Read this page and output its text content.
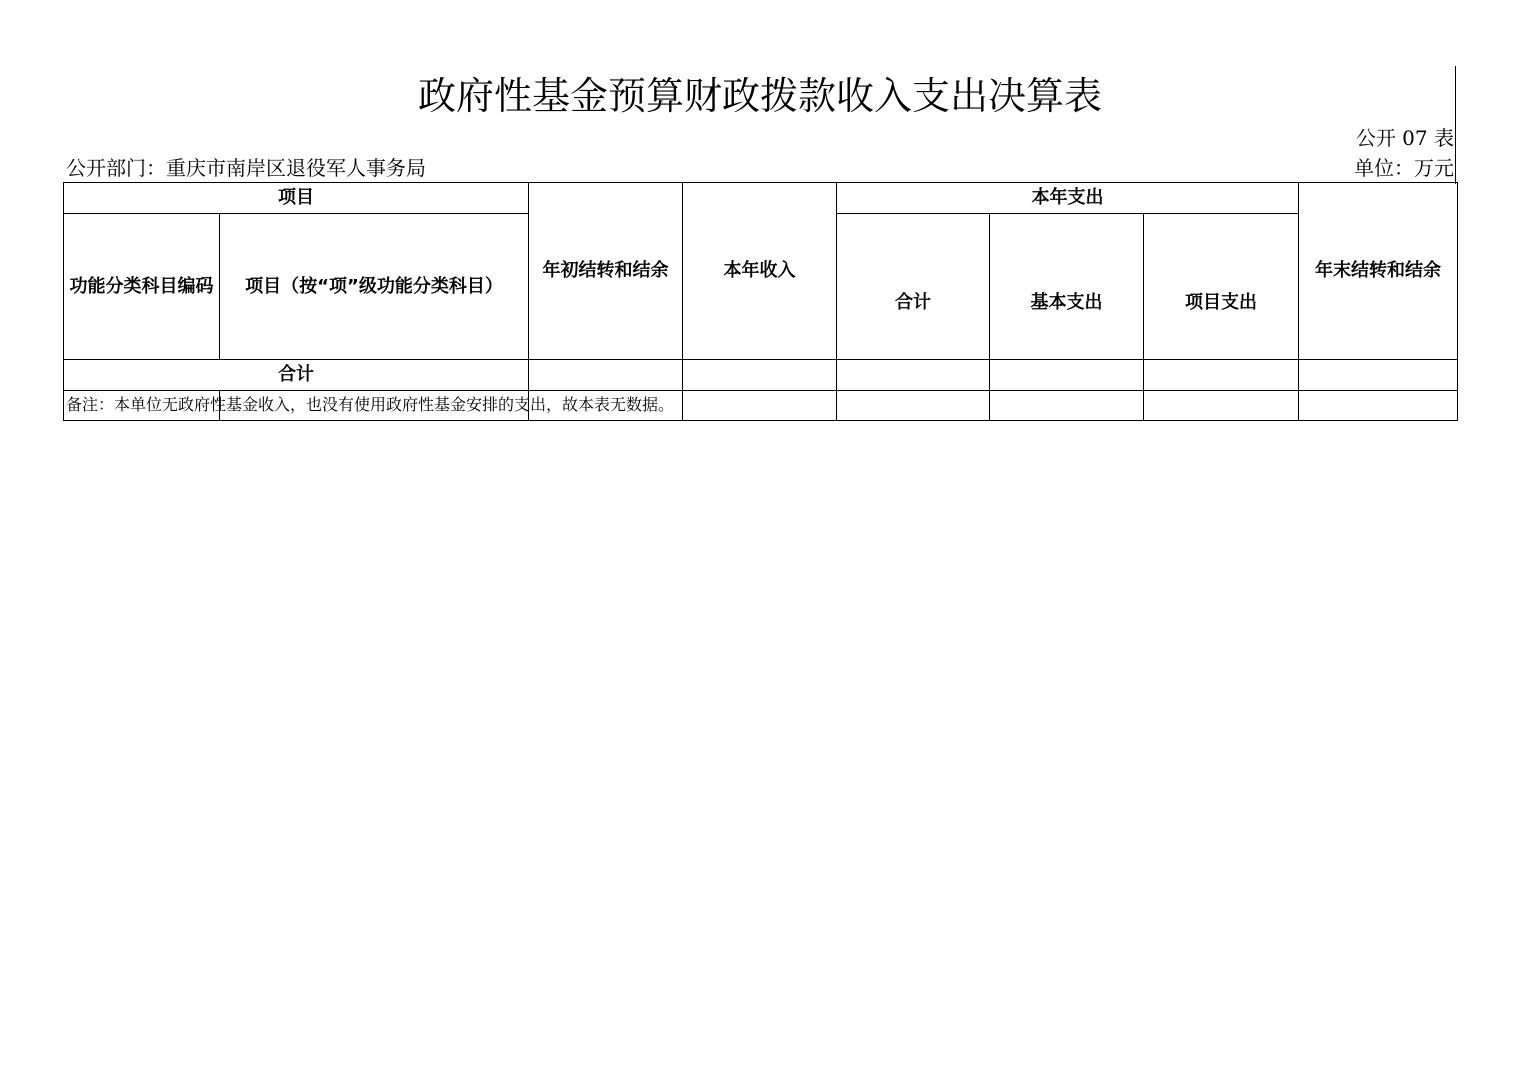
政府性基金预算财政拨款收入支出决算表
公开 07 表
公开部门：重庆市南岸区退役军人事务局	单位：万元
项目		年初结转和结余	本年收入	本年支出			年末结转和结余
功能分类科目编码	项目（按“项”级功能分类科目）			合计	基本支出	项目支出	
合计							

备注：本单位无政府性基金收入，也没有使用政府性基金安排的支出，故本表无数据。
